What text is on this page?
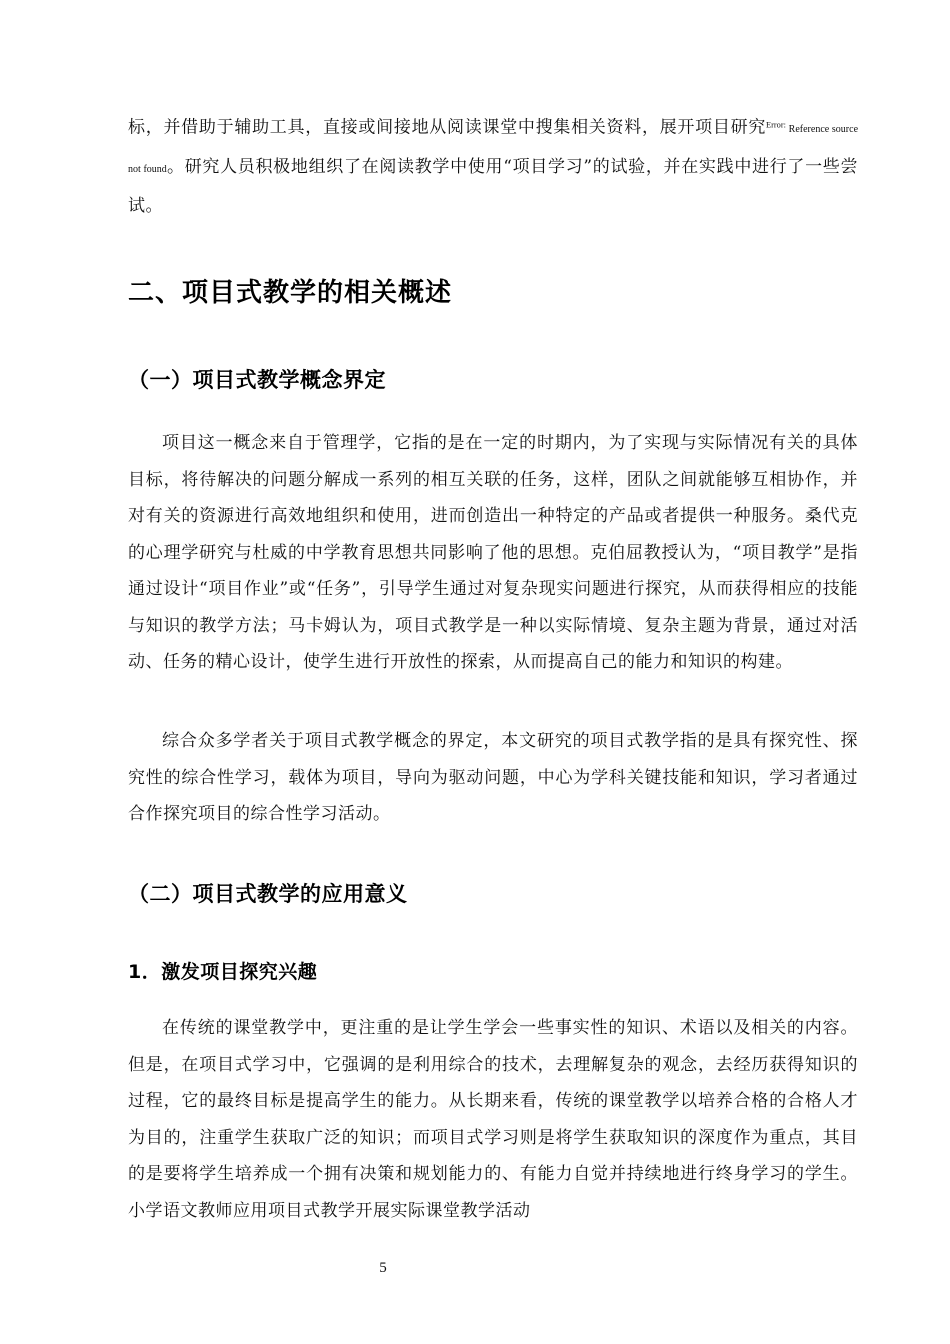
标，并借助于辅助工具，直接或间接地从阅读课堂中搜集相关资料，展开项目研究$^{Error:}$ Reference source not found。研究人员积极地组织了在阅读教学中使用“项目学习”的试验，并在实践中进行了一些尝试。
二、项目式教学的相关概述
（一）项目式教学概念界定
项目这一概念来自于管理学，它指的是在一定的时期内，为了实现与实际情况有关的具体目标，将待解决的问题分解成一系列的相互关联的任务，这样，团队之间就能够互相协作，并对有关的资源进行高效地组织和使用，进而创造出一种特定的产品或者提供一种服务。桑代克的心理学研究与杜威的中学教育思想共同影响了他的思想。克伯屈教授认为，“项目教学”是指通过设计“项目作业”或“任务”，引导学生通过对复杂现实问题进行探究，从而获得相应的技能与知识的教学方法；马卡姆认为，项目式教学是一种以实际情境、复杂主题为背景，通过对活动、任务的精心设计，使学生进行开放性的探索，从而提高自己的能力和知识的构建。
综合众多学者关于项目式教学概念的界定，本文研究的项目式教学指的是具有探究性、探究性的综合性学习，载体为项目，导向为驱动问题，中心为学科关键技能和知识，学习者通过合作探究项目的综合性学习活动。
（二）项目式教学的应用意义
1．激发项目探究兴趣
在传统的课堂教学中，更注重的是让学生学会一些事实性的知识、术语以及相关的内容。但是，在项目式学习中，它强调的是利用综合的技术，去理解复杂的观念，去经历获得知识的过程，它的最终目标是提高学生的能力。从长期来看，传统的课堂教学以培养合格的合格人才为目的，注重学生获取广泛的知识；而项目式学习则是将学生获取知识的深度作为重点，其目的是要将学生培养成一个拥有决策和规划能力的、有能力自觉并持续地进行终身学习的学生。小学语文教师应用项目式教学开展实际课堂教学活动
5
